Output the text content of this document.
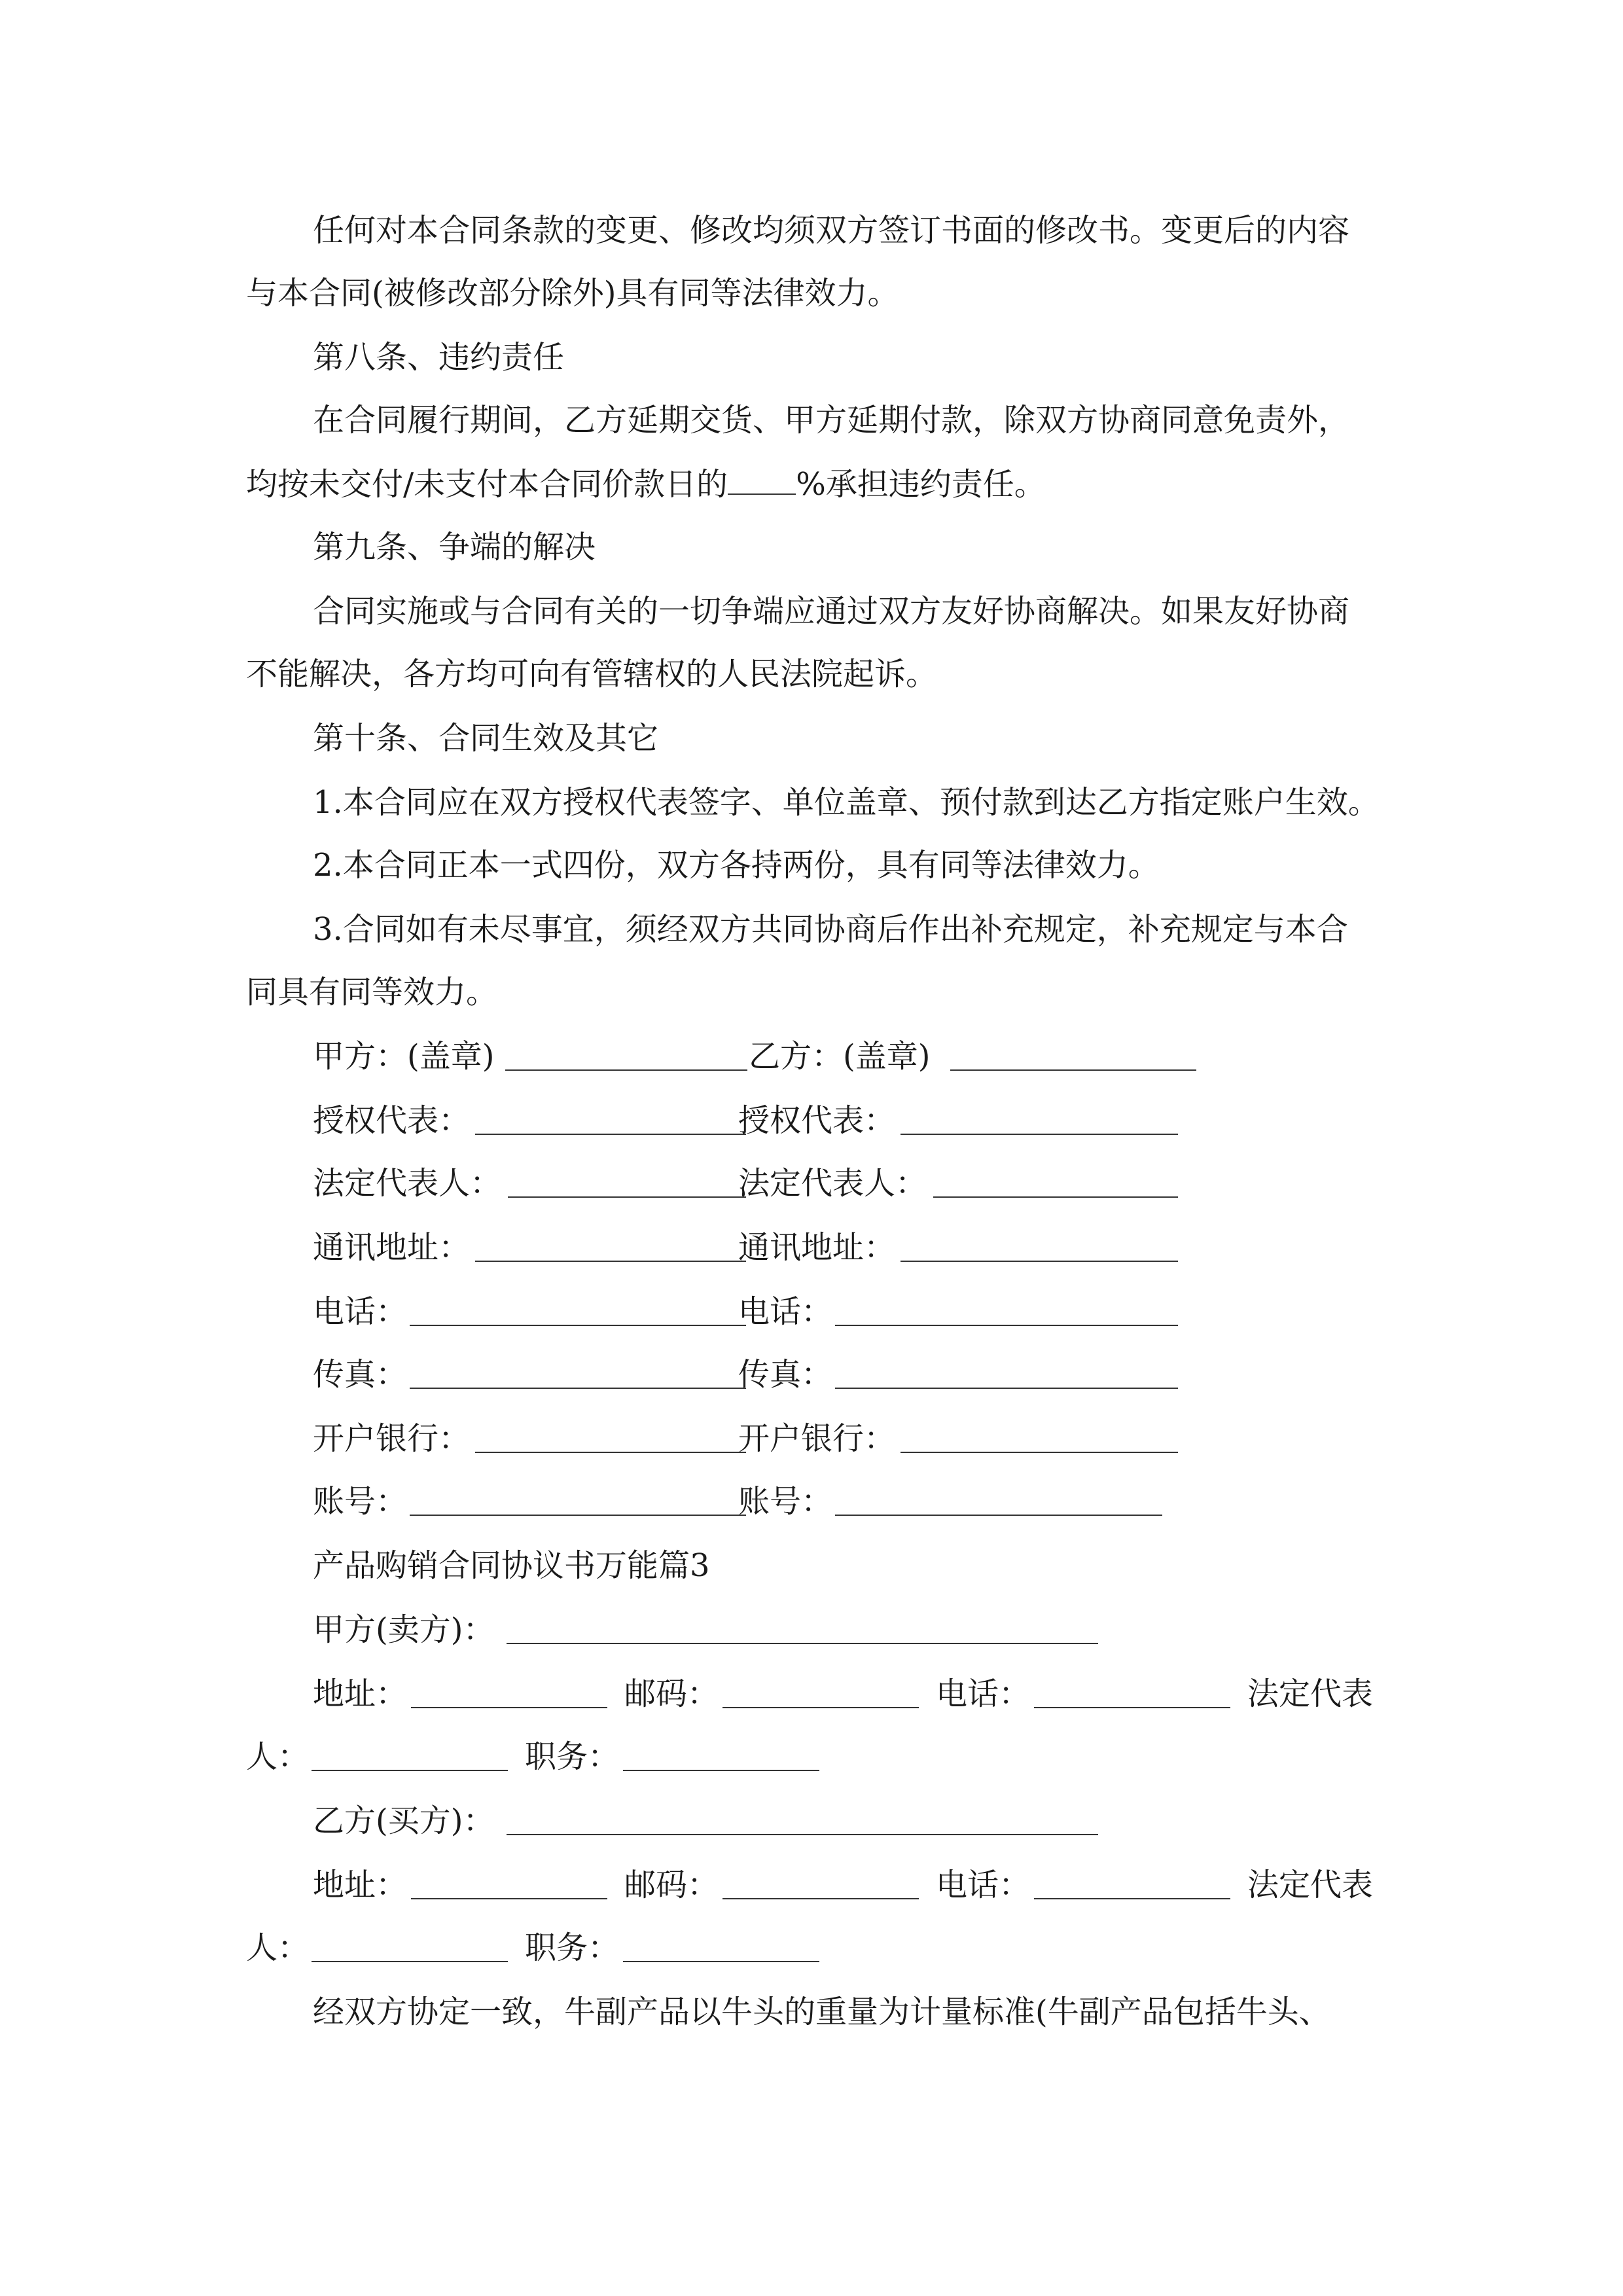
任何对本合同条款的变更、修改均须双方签订书面的修改书。变更后的内容
与本合同(被修改部分除外)具有同等法律效力。
第八条、违约责任
在合同履行期间，乙方延期交货、甲方延期付款，除双方协商同意免责外，
均按未交付/未支付本合同价款日的 %承担违约责任。
第九条、争端的解决
合同实施或与合同有关的一切争端应通过双方友好协商解决。如果友好协商
不能解决，各方均可向有管辖权的人民法院起诉。
第十条、合同生效及其它
1.本合同应在双方授权代表签字、单位盖章、预付款到达乙方指定账户生效。
2.本合同正本一式四份，双方各持两份，具有同等法律效力。
3.合同如有未尽事宜，须经双方共同协商后作出补充规定，补充规定与本合
同具有同等效力。
甲方：(盖章)	乙方：(盖章)
授权代表：	授权代表：
法定代表人：	法定代表人：
通讯地址：	通讯地址：
电话：	电话：
传真：	传真：
开户银行：	开户银行：
账号：	账号：
产品购销合同协议书万能篇3
甲方(卖方)：
地址：	邮码：	电话：	法定代表
人：	职务：
乙方(买方)：
地址：	邮码：	电话：	法定代表
人：	职务：
经双方协定一致，牛副产品以牛头的重量为计量标准(牛副产品包括牛头、
